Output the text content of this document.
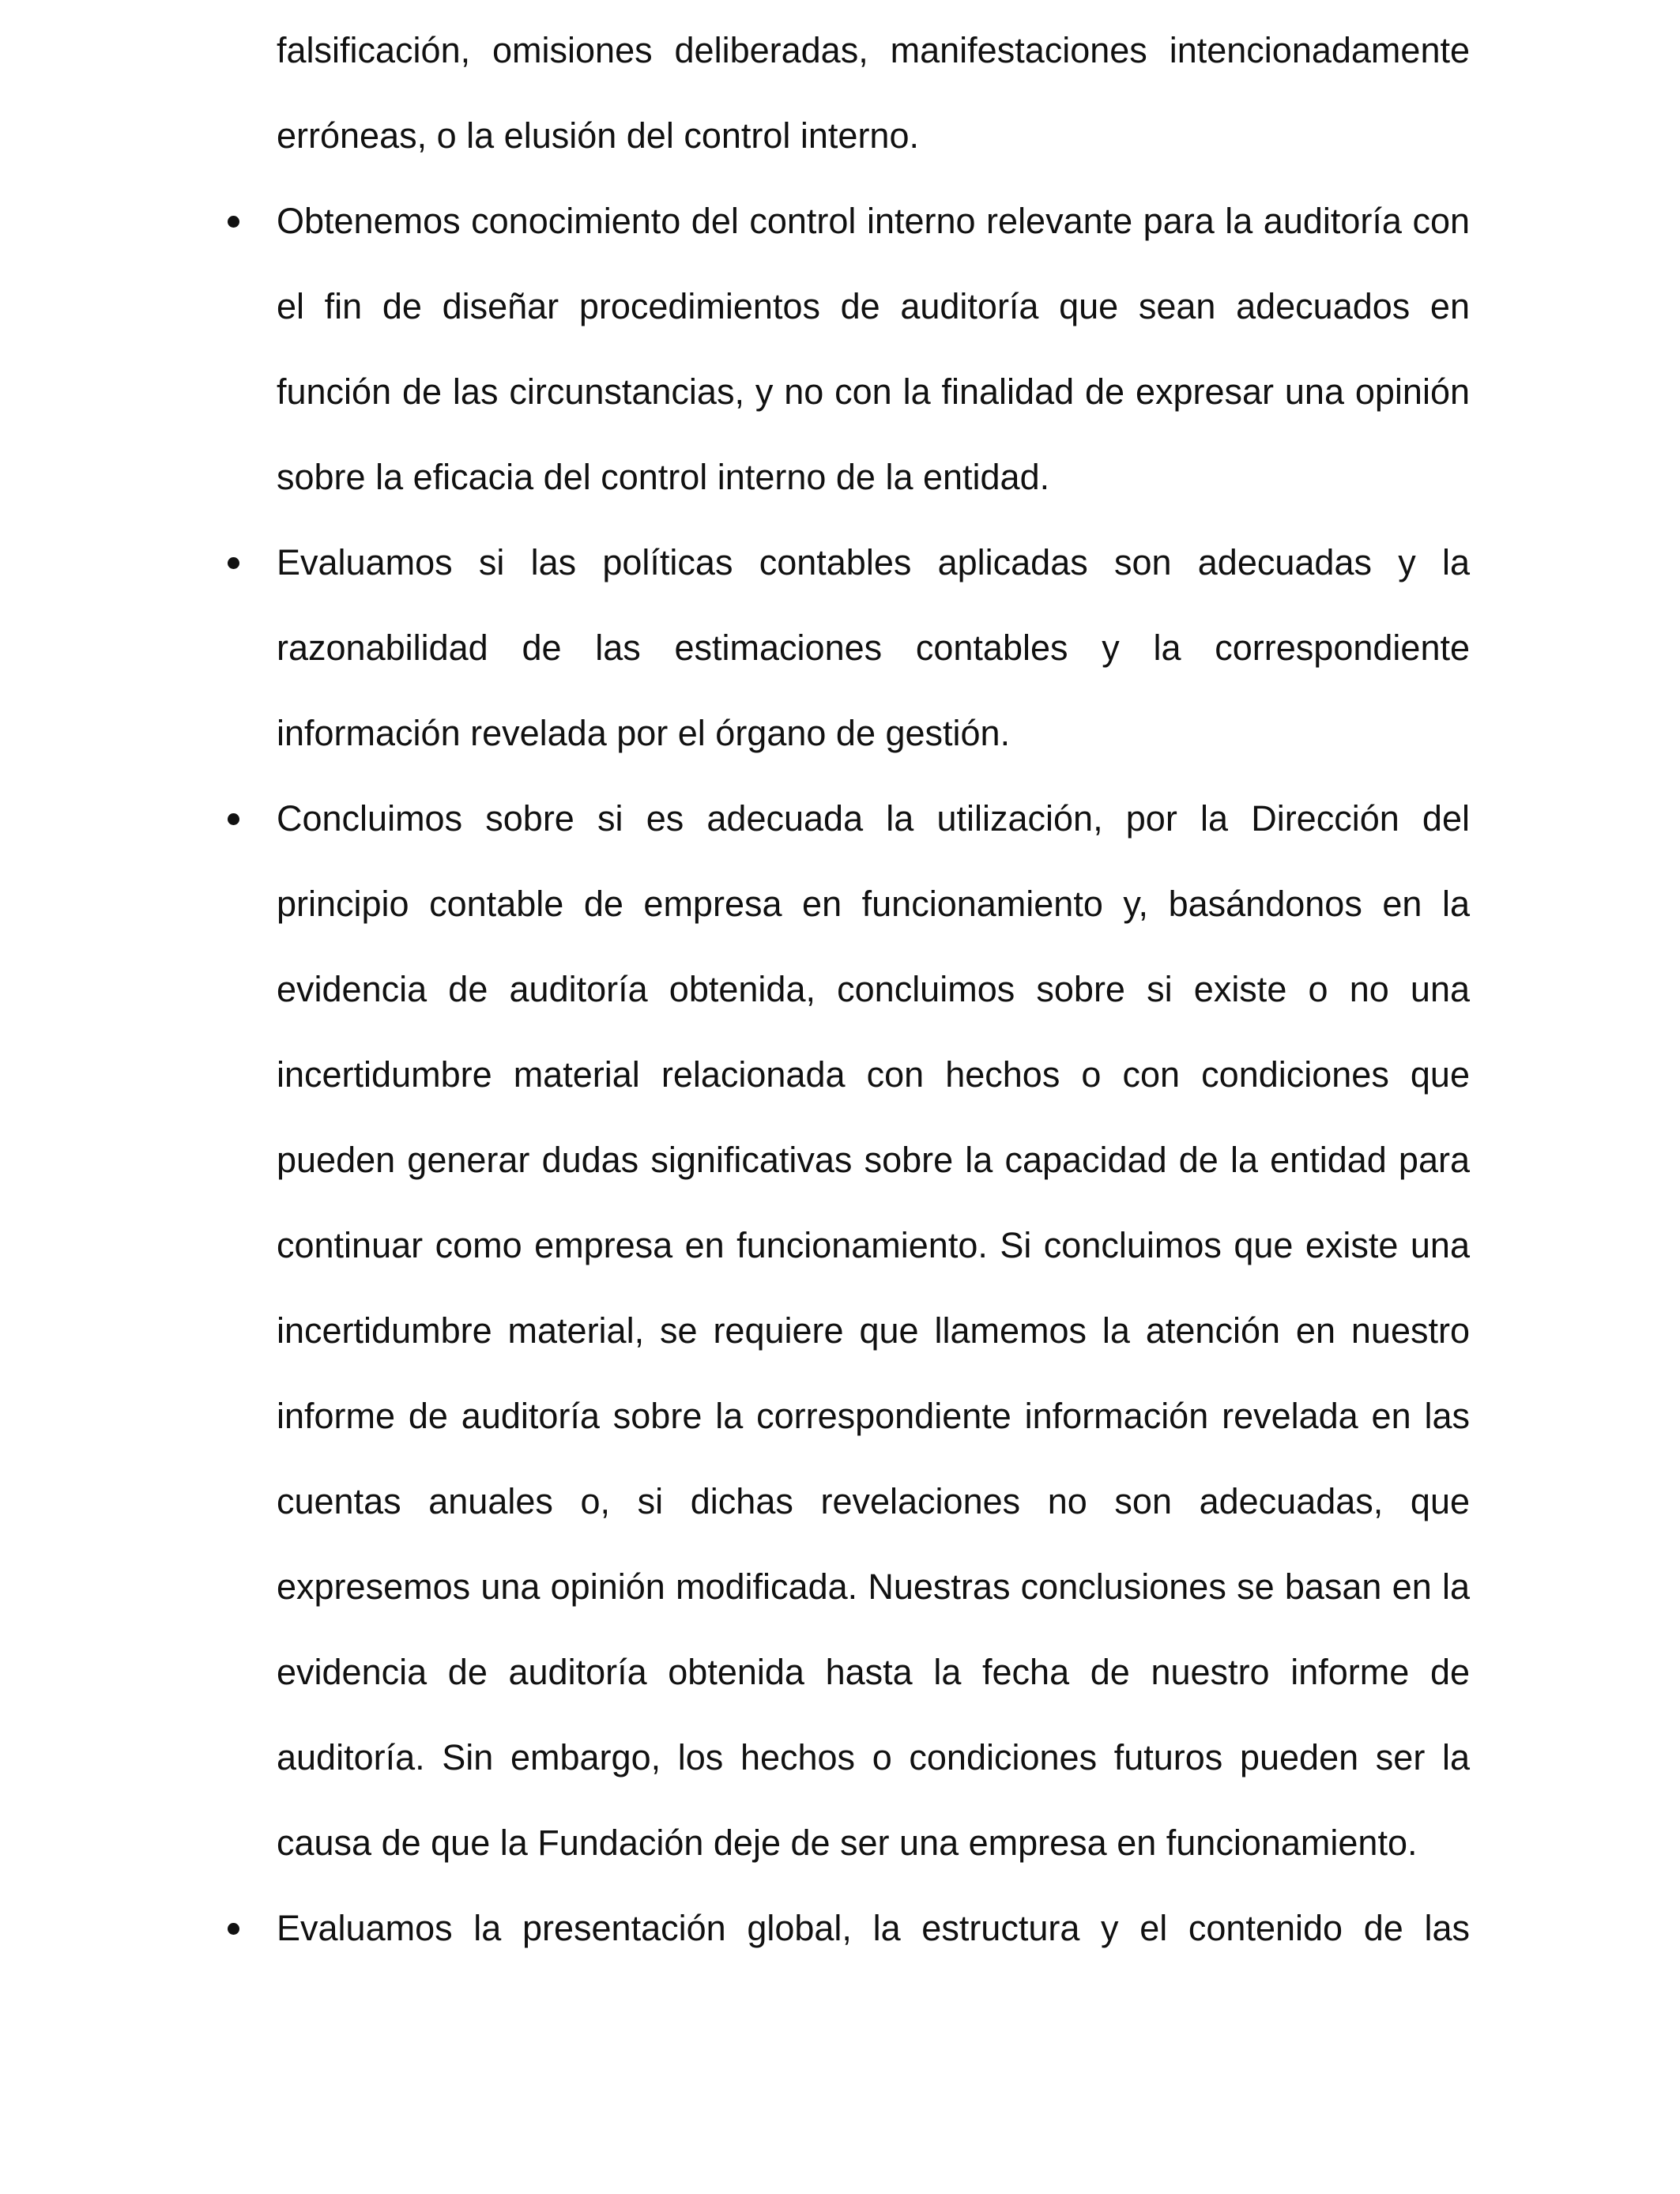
falsificación, omisiones deliberadas, manifestaciones intencionadamente erróneas, o la elusión del control interno.

Obtenemos conocimiento del control interno relevante para la auditoría con el fin de diseñar procedimientos de auditoría que sean adecuados en función de las circunstancias, y no con la finalidad de expresar una opinión sobre la eficacia del control interno de la entidad.
Evaluamos si las políticas contables aplicadas son adecuadas y la razonabilidad de las estimaciones contables y la correspondiente información revelada por el órgano de gestión.
Concluimos sobre si es adecuada la utilización, por la Dirección del principio contable de empresa en funcionamiento y, basándonos en la evidencia de auditoría obtenida, concluimos sobre si existe o no una incertidumbre material relacionada con hechos o con condiciones que pueden generar dudas significativas sobre la capacidad de la entidad para continuar como empresa en funcionamiento. Si concluimos que existe una incertidumbre material, se requiere que llamemos la atención en nuestro informe de auditoría sobre la correspondiente información revelada en las cuentas anuales o, si dichas revelaciones no son adecuadas, que expresemos una opinión modificada. Nuestras conclusiones se basan en la evidencia de auditoría obtenida hasta la fecha de nuestro informe de auditoría. Sin embargo, los hechos o condiciones futuros pueden ser la causa de que la Fundación deje de ser una empresa en funcionamiento.
Evaluamos la presentación global, la estructura y el contenido de las
